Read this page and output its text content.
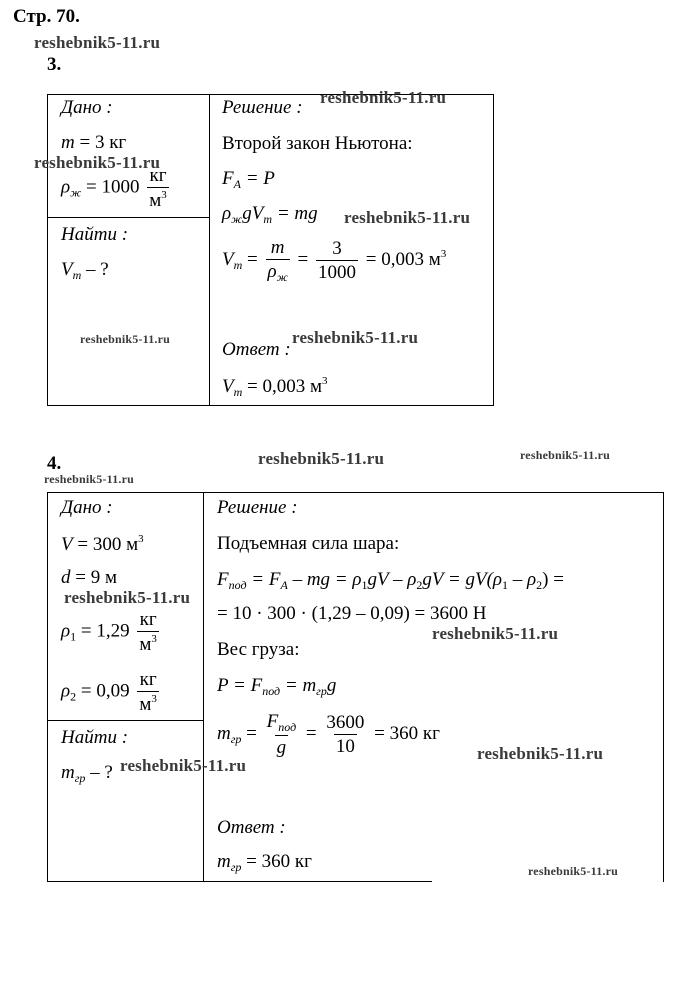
Стр. 70.
reshebnik5-11.ru
3.
Дано :
m = 3 кг
$\rho_ж = 1000 \frac{кг}{м^3}$
Найти :
$V_т$ – ?
Решение :
Второй закон Ньютона:
$F_A = P$
$\rho_жgV_т$ = mg
$V_т = \frac{m}{\rho_ж} = \frac{3}{1000} = 0,003$ $м^3$
Ответ :
$V_т = 0,003$ $м^3$
reshebnik5-11.ru
reshebnik5-11.ru
reshebnik5-11.ru
reshebnik5-11.ru	reshebnik5-11.ru
4.	reshebnik5-11.ru	reshebnik5-11.ru
reshebnik5-11.ru
Дано :
V = 300 $м^3$
d = 9 м
$\rho_1 = 1,29 \frac{кг}{м^3}$
$\rho_2 = 0,09 \frac{кг}{м^3}$
Найти :
$m_{гр}$ – ?
Решение :
Подъемная сила шара:
$F_{под} = F_A$ – mg = $\rho_1gV - \rho_2gV = gV(\rho_1 - \rho_2)$ =
= 10 · 300 · (1,29 – 0,09) = 3600 Н
Вес груза:
$P = F_{под} = m_{гр}g$
$m_{гр} = \frac{F_{под}}{g} = \frac{3600}{10} = 360$ кг
Ответ :
$m_{гр} = 360$ кг
reshebnik5-11.ru
reshebnik5-11.ru
reshebnik5-11.ru
reshebnik5-11.ru
reshebnik5-11.ru
